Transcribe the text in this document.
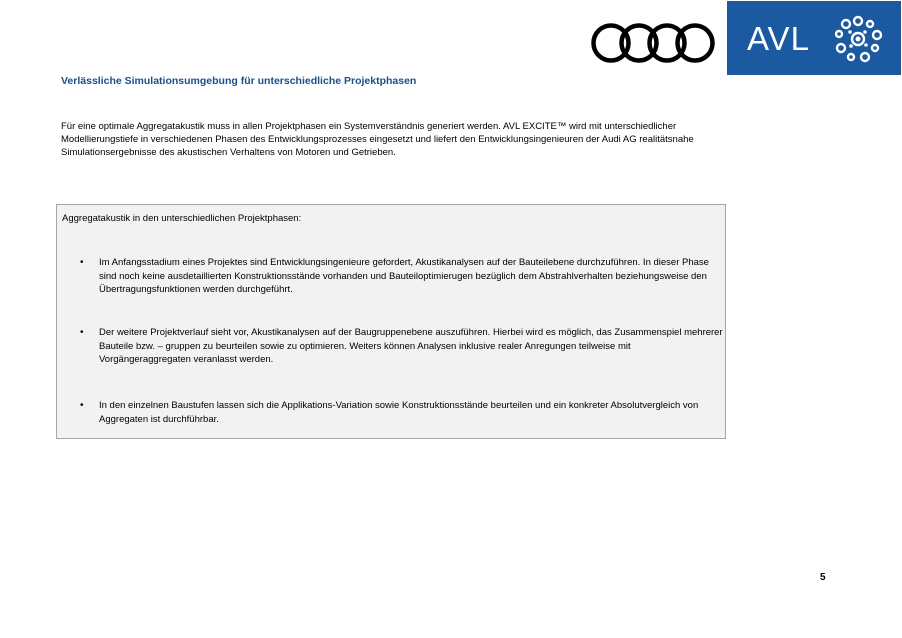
AVL
Verlässliche Simulationsumgebung für unterschiedliche Projektphasen
Für eine optimale Aggregatakustik muss in allen Projektphasen ein Systemverständnis generiert werden. AVL EXCITE™ wird mit unterschiedlicher Modellierungstiefe in verschiedenen Phasen des Entwicklungsprozesses eingesetzt und liefert den Entwicklungsingenieuren der Audi AG realitätsnahe Simulationsergebnisse des akustischen Verhaltens von Motoren und Getrieben.
Aggregatakustik in den unterschiedlichen Projektphasen:
• Im Anfangsstadium eines Projektes sind Entwicklungsingenieure gefordert, Akustikanalysen auf der Bauteilebene durchzuführen. In dieser Phase sind noch keine ausdetaillierten Konstruktionsstände vorhanden und Bauteiloptimierugen bezüglich dem Abstrahlverhalten beziehungsweise den Übertragungsfunktionen werden durchgeführt.
• Der weitere Projektverlauf sieht vor, Akustikanalysen auf der Baugruppenebene auszuführen. Hierbei wird es möglich, das Zusammenspiel mehrerer Bauteile bzw. – gruppen zu beurteilen sowie zu optimieren. Weiters können Analysen inklusive realer Anregungen teilweise mit Vorgängeraggregaten veranlasst werden.
• In den einzelnen Baustufen lassen sich die Applikations-Variation sowie Konstruktionsstände beurteilen und ein konkreter Absolutvergleich von Aggregaten ist durchführbar.
5
